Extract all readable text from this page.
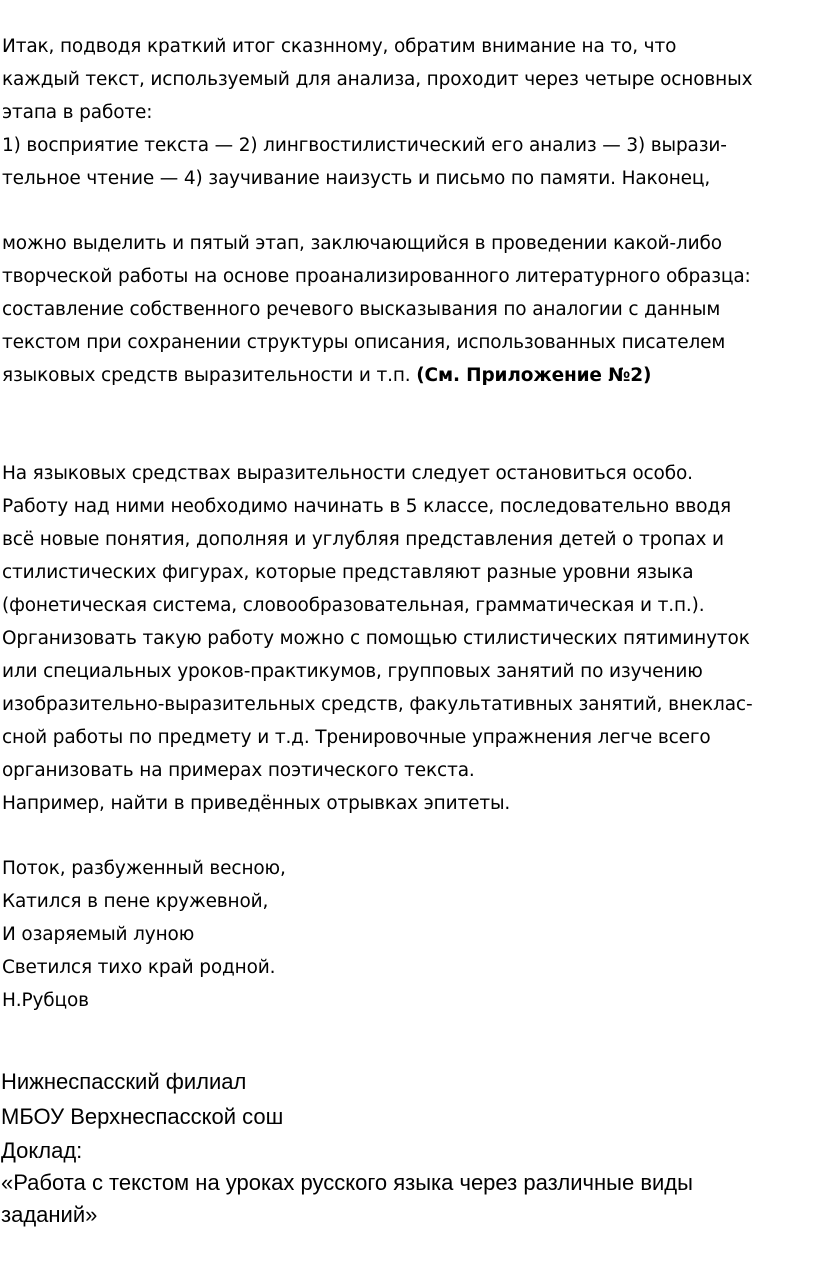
Итак, подводя краткий итог сказнному, обратим внимание на то, что
каждый текст, используемый для анализа, проходит через четыре основных
этапа в работе:
1) восприятие текста — 2) лингвостилистический его анализ — 3) вырази-
тельное чтение — 4) заучивание наизусть и письмо по памяти. Наконец,
можно выделить и пятый этап, заключающийся в проведении какой-либо
творческой работы на основе проанализированного литературного образца:
составление собственного речевого высказывания по аналогии с данным
текстом при сохранении структуры описания, использованных писателем
языковых средств выразительности и т.п. (См. Приложение №2)
На языковых средствах выразительности следует остановиться особо.
Работу над ними необходимо начинать в 5 классе, последовательно вводя
всё новые понятия, дополняя и углубляя представления детей о тропах и
стилистических фигурах, которые представляют разные уровни языка
(фонетическая система, словообразовательная, грамматическая и т.п.).
Организовать такую работу можно с помощью стилистических пятиминуток
или специальных уроков-практикумов, групповых занятий по изучению
изобразительно-выразительных средств, факультативных занятий, внеклас-
сной работы по предмету и т.д. Тренировочные упражнения легче всего
организовать на примерах поэтического текста.
Например, найти в приведённых отрывках эпитеты.
Поток, разбуженный весною,
Катился в пене кружевной,
И озаряемый луною
Светился тихо край родной.
Н.Рубцов
Нижнеспасский филиал
МБОУ Верхнеспасской сош
Доклад:
«Работа с текстом на уроках русского языка через различные виды
заданий»
